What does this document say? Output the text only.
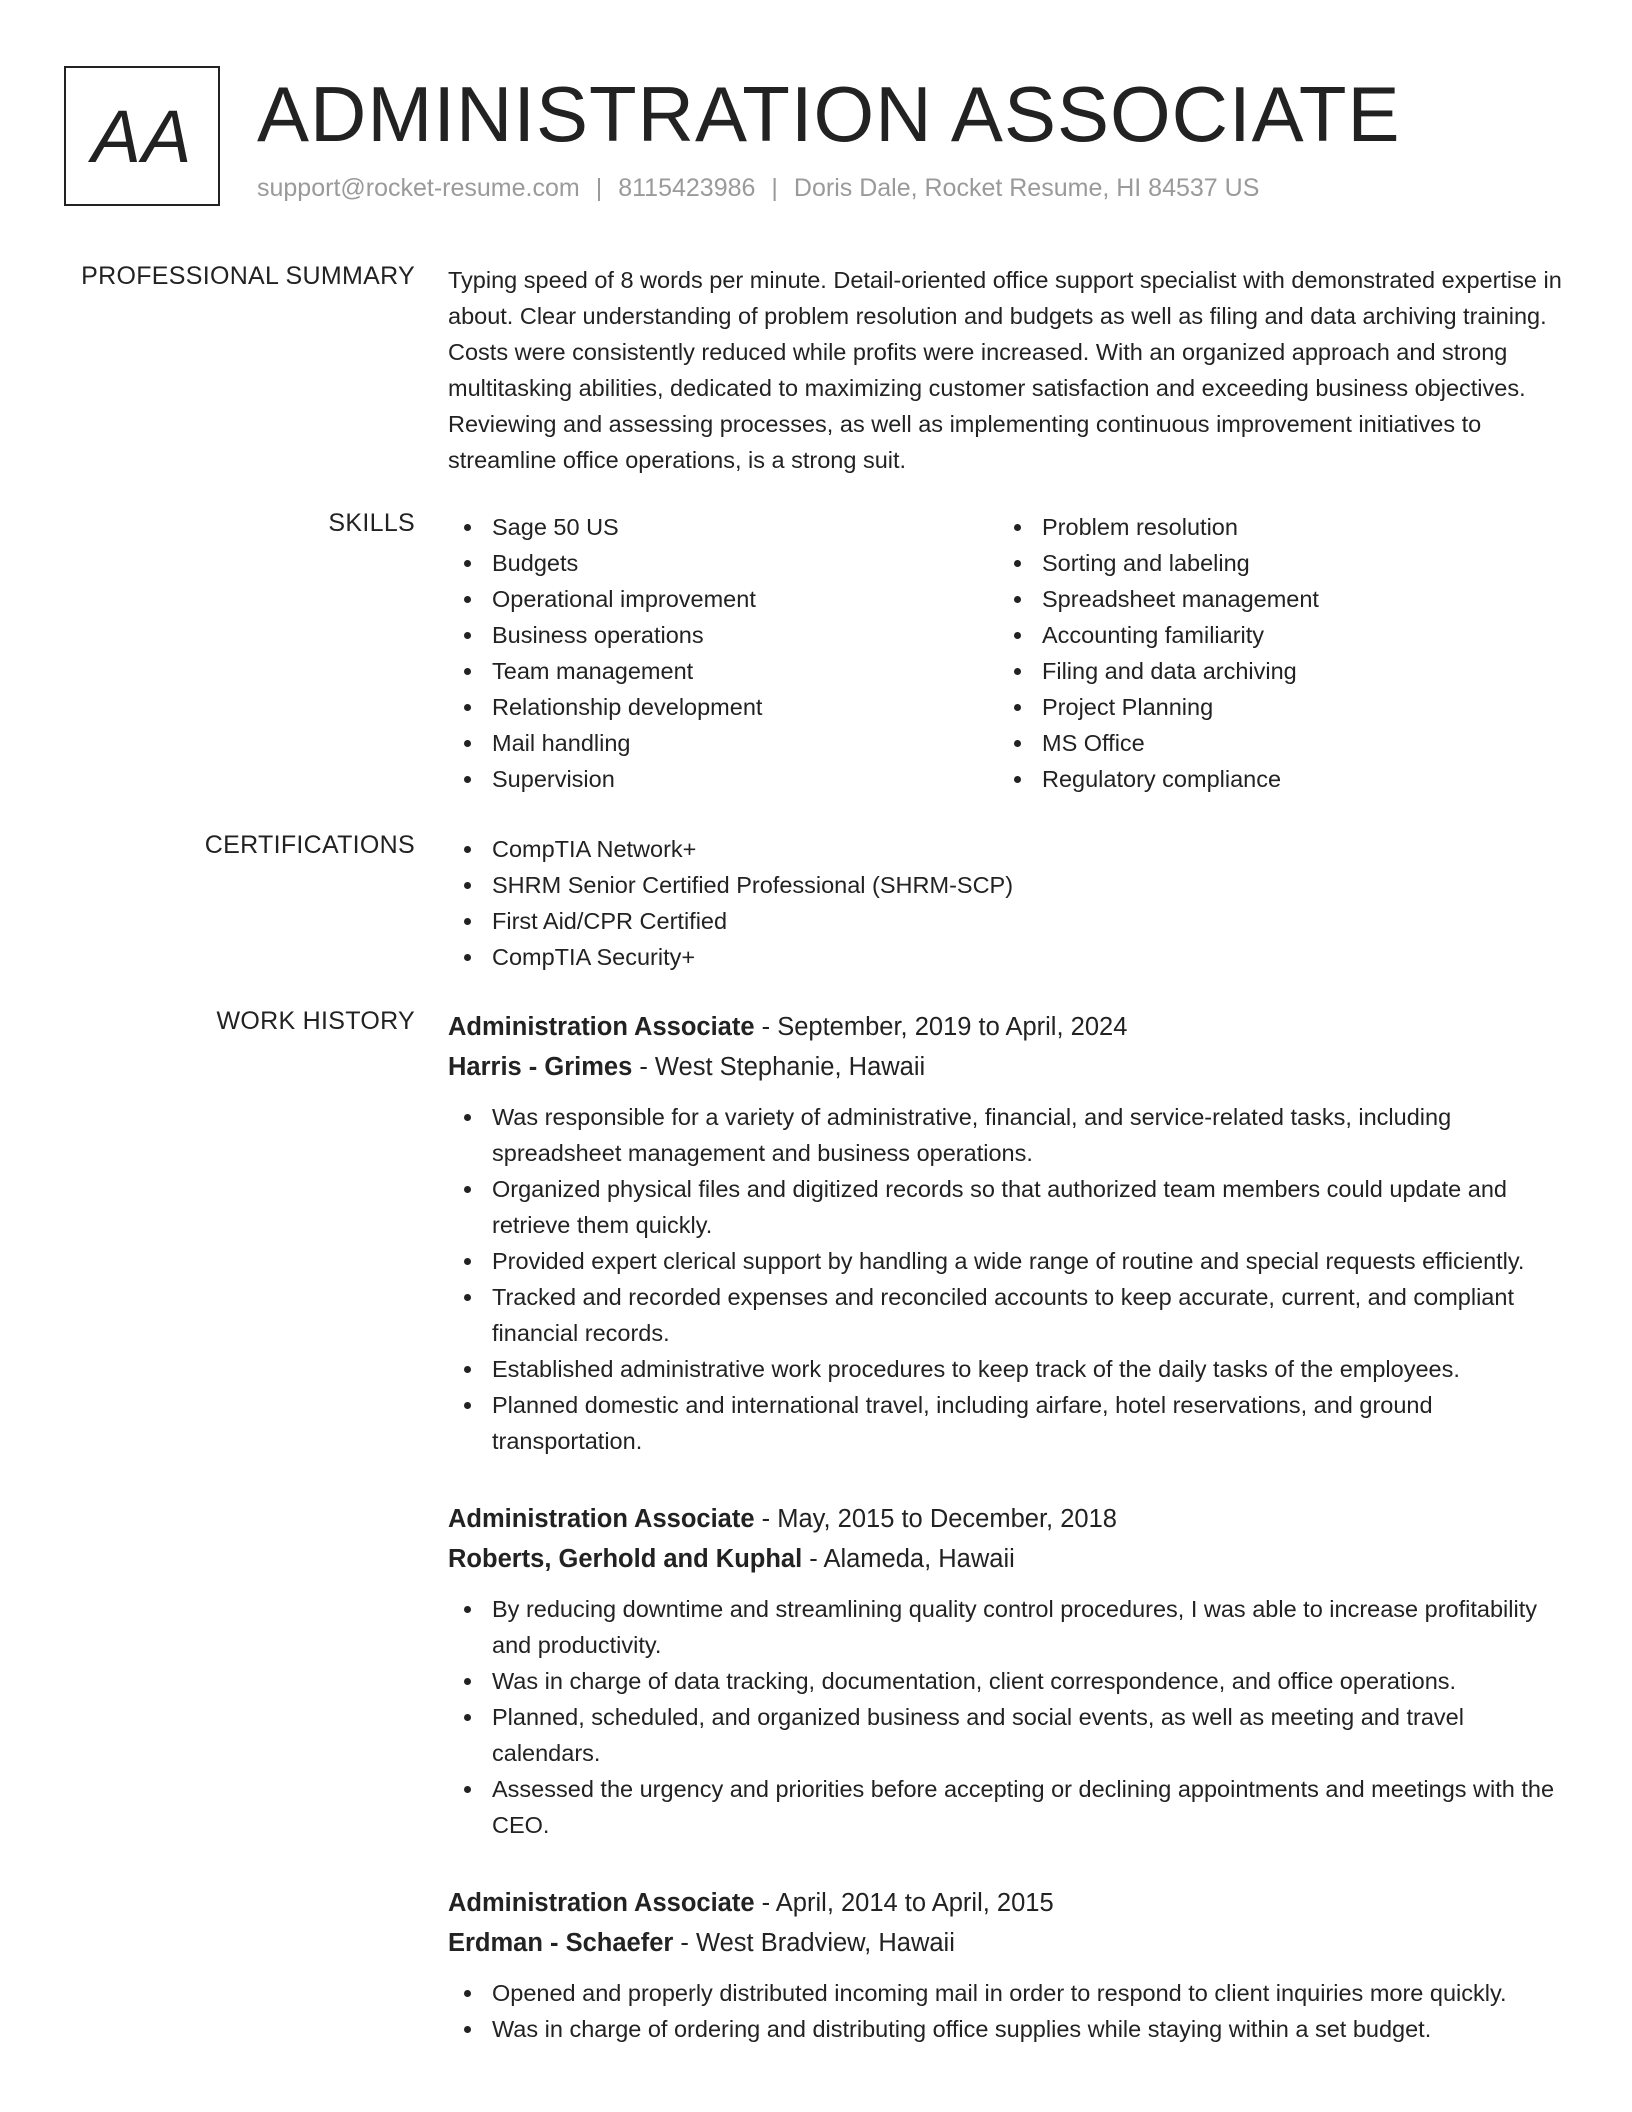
AA ADMINISTRATION ASSOCIATE
support@rocket-resume.com | 8115423986 | Doris Dale, Rocket Resume, HI 84537 US
PROFESSIONAL SUMMARY Typing speed of 8 words per minute. Detail-oriented office support specialist with demonstrated expertise in about. Clear understanding of problem resolution and budgets as well as filing and data archiving training. Costs were consistently reduced while profits were increased. With an organized approach and strong multitasking abilities, dedicated to maximizing customer satisfaction and exceeding business objectives. Reviewing and assessing processes, as well as implementing continuous improvement initiatives to streamline office operations, is a strong suit.

SKILLS	Sage 50 US
Budgets
Operational improvement
Business operations
Team management
Relationship development
Mail handling
Supervision
Problem resolution
Sorting and labeling
Spreadsheet management
Accounting familiarity
Filing and data archiving
Project Planning
MS Office
Regulatory compliance
CERTIFICATIONS	CompTIA Network+
SHRM Senior Certified Professional (SHRM-SCP)
First Aid/CPR Certified
CompTIA Security+
WORK HISTORY Administration Associate - September, 2019 to April, 2024
Harris - Grimes - West Stephanie, Hawaii
Was responsible for a variety of administrative, financial, and service-related tasks, including spreadsheet management and business operations.
Organized physical files and digitized records so that authorized team members could update and retrieve them quickly.
Provided expert clerical support by handling a wide range of routine and special requests efficiently.
Tracked and recorded expenses and reconciled accounts to keep accurate, current, and compliant financial records.
Established administrative work procedures to keep track of the daily tasks of the employees.
Planned domestic and international travel, including airfare, hotel reservations, and ground transportation.
Administration Associate - May, 2015 to December, 2018
Roberts, Gerhold and Kuphal - Alameda, Hawaii
By reducing downtime and streamlining quality control procedures, I was able to increase profitability and productivity.
Was in charge of data tracking, documentation, client correspondence, and office operations.
Planned, scheduled, and organized business and social events, as well as meeting and travel calendars.
Assessed the urgency and priorities before accepting or declining appointments and meetings with the CEO.
Administration Associate - April, 2014 to April, 2015
Erdman - Schaefer - West Bradview, Hawaii
Opened and properly distributed incoming mail in order to respond to client inquiries more quickly.
Was in charge of ordering and distributing office supplies while staying within a set budget.
